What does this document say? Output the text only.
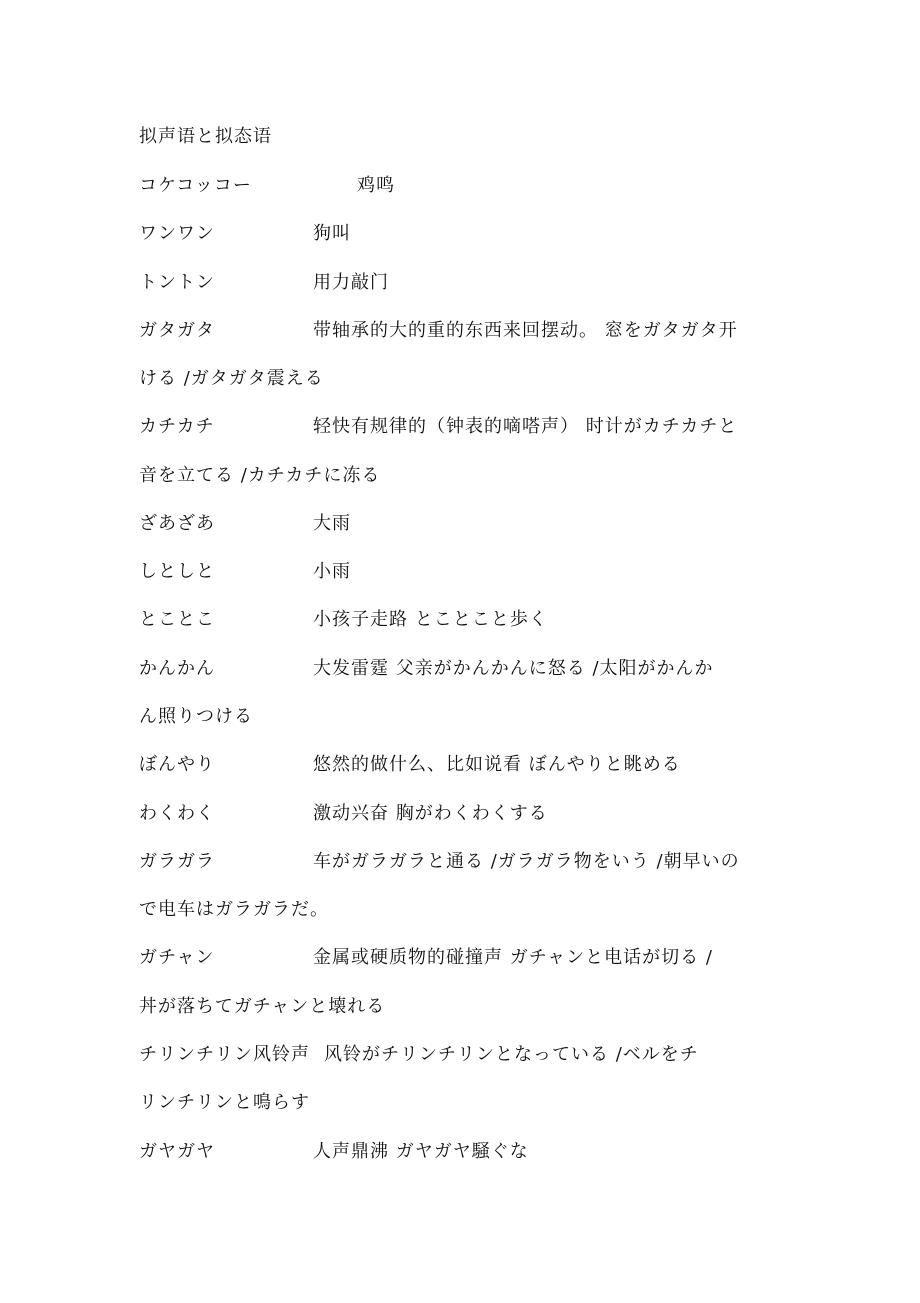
拟声语と拟态语
コケコッコー	鸡鸣
ワンワン	狗叫
トントン	用力敲门
ガタガタ	带轴承的大的重的东西来回摆动。 窓をガタガタ开
ける /ガタガタ震える
カチカチ	轻快有规律的（钟表的嘀嗒声） 时计がカチカチと
音を立てる /カチカチに冻る
ざあざあ	大雨
しとしと	小雨
とことこ	小孩子走路 とことこと歩く
かんかん	大发雷霆 父亲がかんかんに怒る /太阳がかんか
ん照りつける
ぼんやり	悠然的做什么、比如说看 ぼんやりと眺める
わくわく	激动兴奋 胸がわくわくする
ガラガラ	车がガラガラと通る /ガラガラ物をいう /朝早いの
で电车はガラガラだ。
ガチャン	金属或硬质物的碰撞声 ガチャンと电话が切る /
丼が落ちてガチャンと壊れる
チリンチリン风铃声 风铃がチリンチリンとなっている /ベルをチ
リンチリンと鳴らす
ガヤガヤ	人声鼎沸 ガヤガヤ騒ぐな
